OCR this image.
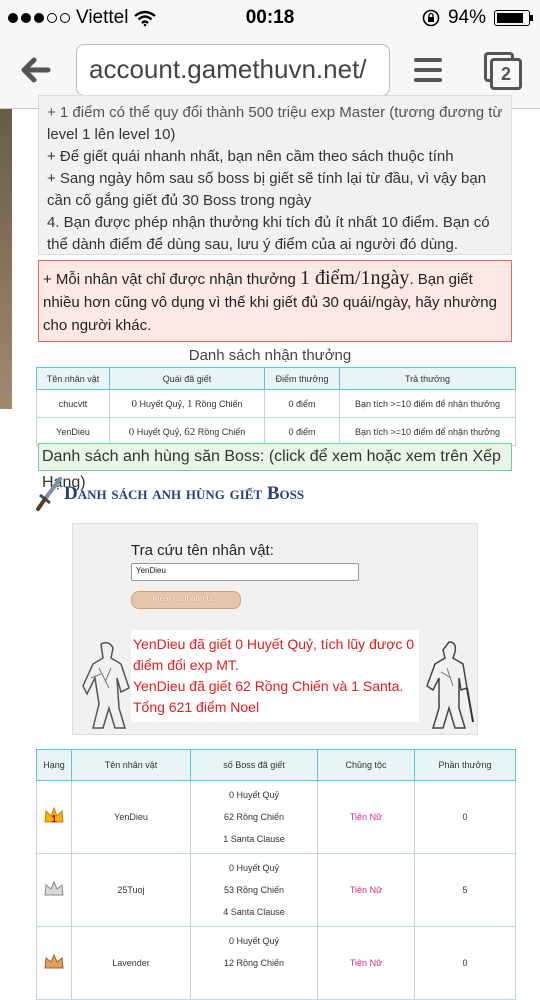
Viettel	00:18	94%
account.gamethuvn.net/	2

+ 1 điểm có thể quy đổi thành 500 triệu exp Master (tương đương từ

level 1 lên level 10)

+ Để giết quái nhanh nhất, bạn nên cầm theo sách thuộc tính

+ Sang ngày hôm sau số boss bị giết sẽ tính lại từ đầu, vì vậy bạn cần cố gắng giết đủ 30 Boss trong ngày

4. Bạn được phép nhận thưởng khi tích đủ ít nhất 10 điểm. Bạn có thể dành điểm để dùng sau, lưu ý điểm của ai người đó dùng.

+ Mỗi nhân vật chỉ được nhận thưởng 1 điểm/1ngày. Bạn giết nhiều hơn cũng vô dụng vì thế khi giết đủ 30 quái/ngày, hãy nhường cho người khác.
Danh sách nhận thưởng
Tên nhân vật	Quái đã giết	Điểm thưởng	Trả thưởng
chucvtt	0 Huyết Quỷ, 1 Rồng Chiến	0 điểm	Bạn tích >=10 điểm để nhận thưởng
YenDieu	0 Huyết Quỷ, 62 Rồng Chiến	0 điểm	Bạn tích >=10 điểm để nhận thưởng
Danh sách anh hùng săn Boss: (click để xem hoặc xem trên Xếp Hạng)
Danh sách anh hùng giết Boss
Tra cứu tên nhân vật:
YenDieu
Kiểm tra thành tích
YenDieu đã giết 0 Huyết Quỷ, tích lũy được 0 điểm đổi exp MT.
YenDieu đã giết 62 Rồng Chiến và 1 Santa. Tổng 621 điểm Noel
Hạng	Tên nhân vật	số Boss đã giết	Chủng tộc	Phần thưởng

1	YenDieu	0 Huyết Quỷ
62 Rồng Chiến
1 Santa Clause	Tiên Nữ	0
	25Tuoj	0 Huyết Quỷ
53 Rồng Chiến
4 Santa Clause	Tiên Nữ	5
	Lavender	0 Huyết Quỷ
12 Rồng Chiến	Tiên Nữ	0
